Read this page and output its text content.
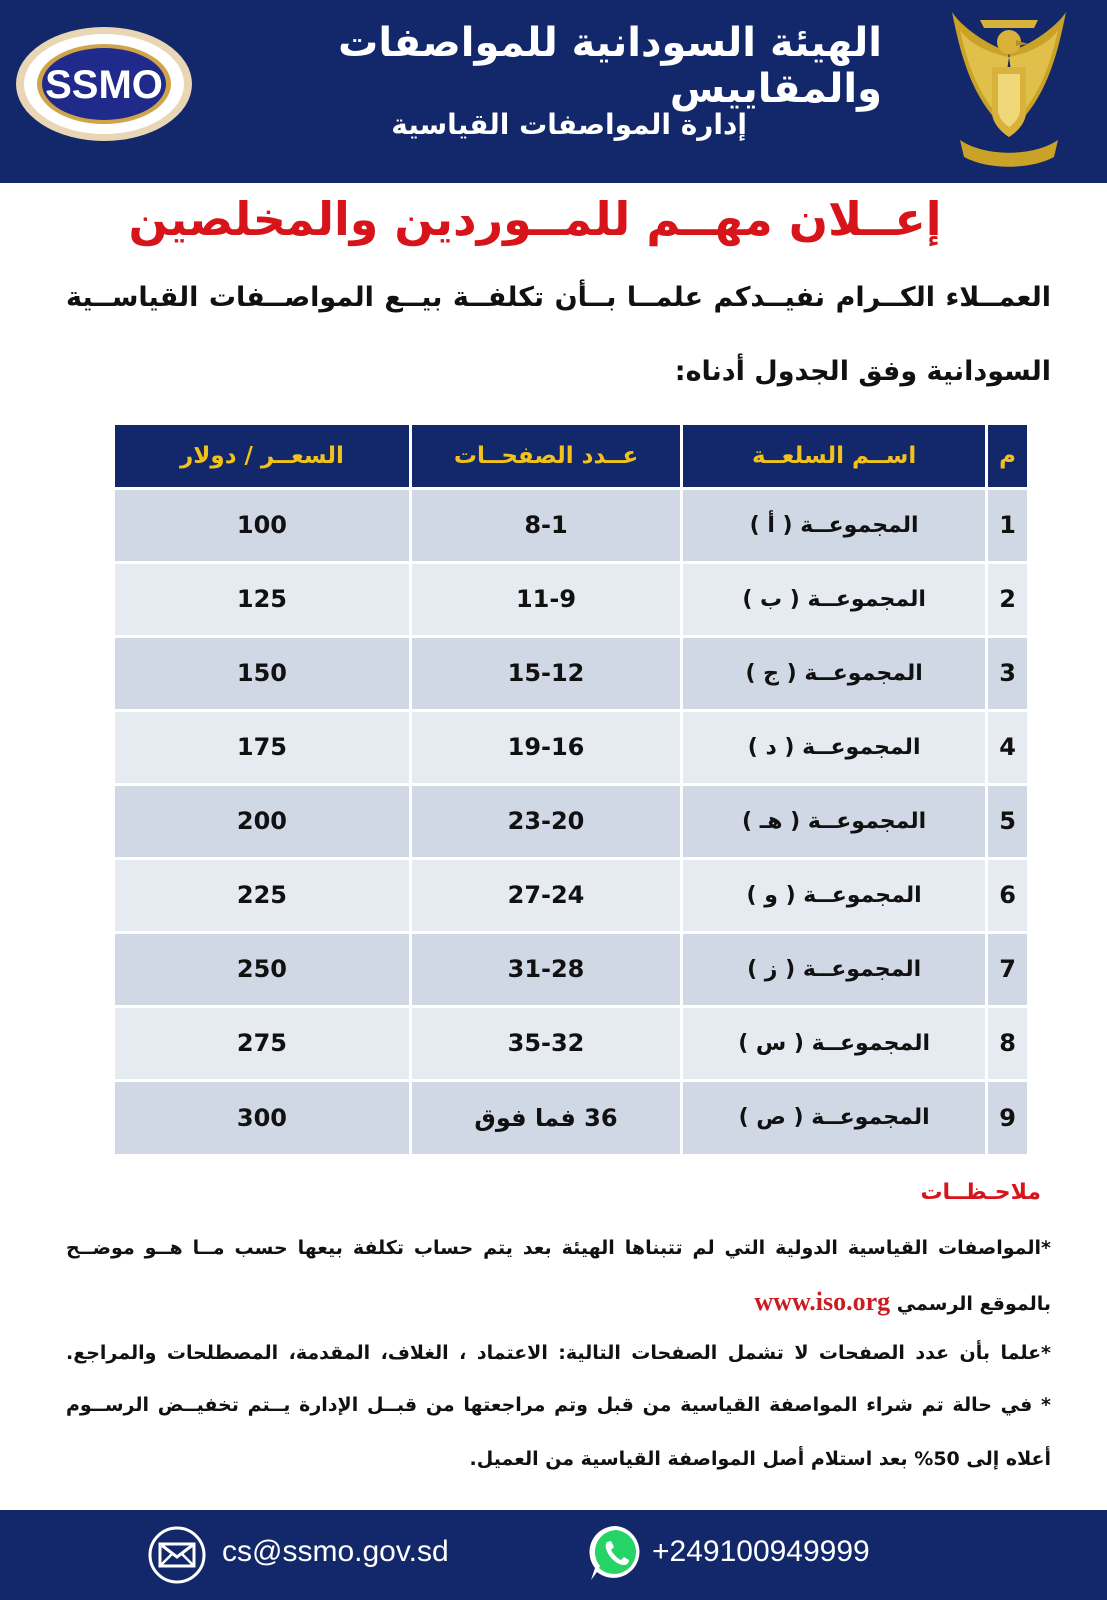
SSMO
الهيئة السودانية للمواصفات والمقاييس
إدارة المواصفات القياسية
إعــلان مهــم للمــوردين والمخلصين
العمــلاء الكــرام نفيــدكم علمــا بــأن تكلفــة بيــع المواصــفات القياســية
السودانية وفق الجدول أدناه:
م	اســم السلعــة	عــدد الصفحــات	السعــر / دولار
1	المجموعــة ( أ )	8-1	100
2	المجموعــة ( ب )	11-9	125
3	المجموعــة ( ج )	15-12	150
4	المجموعــة ( د )	19-16	175
5	المجموعــة ( هـ )	23-20	200
6	المجموعــة ( و )	27-24	225
7	المجموعــة ( ز )	31-28	250
8	المجموعــة ( س )	35-32	275
9	المجموعــة ( ص )	36 فما فوق	300
ملاحـظــات
*المواصفات القياسية الدولية التي لم تتبناها الهيئة بعد يتم حساب تكلفة بيعها حسب مــا هــو موضــح
بالموقع الرسمي www.iso.org
*علما بأن عدد الصفحات لا تشمل الصفحات التالية: الاعتماد ، الغلاف، المقدمة، المصطلحات والمراجع.
* في حالة تم شراء المواصفة القياسية من قبل وتم مراجعتها من قبــل الإدارة يــتم تخفيــض الرســوم
أعلاه إلى 50% بعد استلام أصل المواصفة القياسية من العميل.
cs@ssmo.gov.sd	+249100949999
